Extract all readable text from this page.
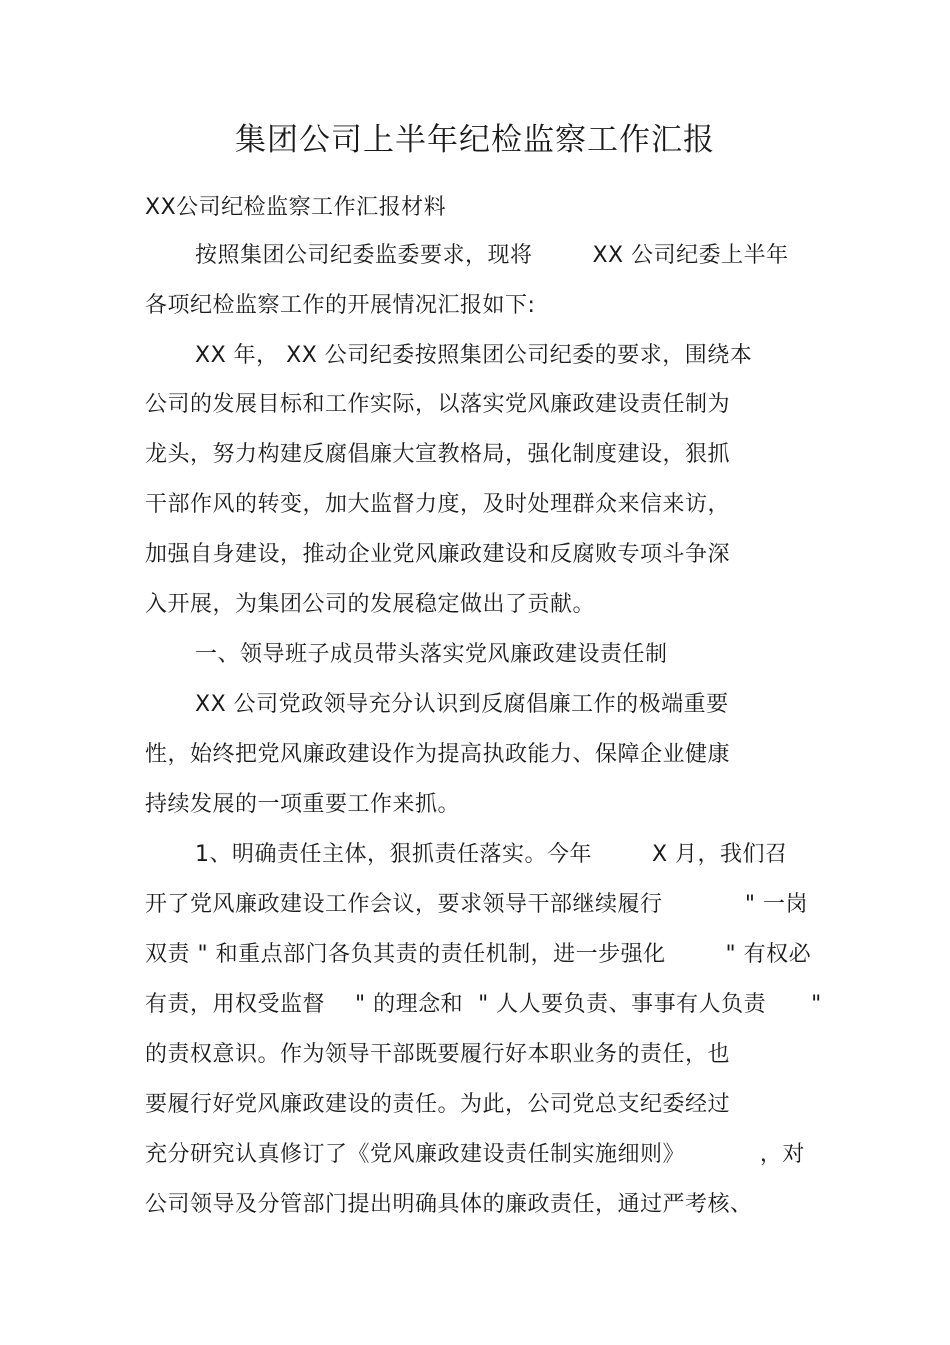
集团公司上半年纪检监察工作汇报
XX公司纪检监察工作汇报材料
按照集团公司纪委监委要求，现将        XX 公司纪委上半年
各项纪检监察工作的开展情况汇报如下:
XX 年， XX 公司纪委按照集团公司纪委的要求，围绕本
公司的发展目标和工作实际，以落实党风廉政建设责任制为
龙头，努力构建反腐倡廉大宣教格局，强化制度建设，狠抓
干部作风的转变，加大监督力度，及时处理群众来信来访，
加强自身建设，推动企业党风廉政建设和反腐败专项斗争深
入开展，为集团公司的发展稳定做出了贡献。
一、领导班子成员带头落实党风廉政建设责任制
XX 公司党政领导充分认识到反腐倡廉工作的极端重要
性，始终把党风廉政建设作为提高执政能力、保障企业健康
持续发展的一项重要工作来抓。
1、明确责任主体，狠抓责任落实。今年        X 月，我们召
开了党风廉政建设工作会议，要求领导干部继续履行           " 一岗
双责 " 和重点部门各负其责的责任机制，进一步强化        " 有权必
有责，用权受监督    " 的理念和  " 人人要负责、事事有人负责      "
的责权意识。作为领导干部既要履行好本职业务的责任，也
要履行好党风廉政建设的责任。为此，公司党总支纪委经过
充分研究认真修订了《党风廉政建设责任制实施细则》          ，对
公司领导及分管部门提出明确具体的廉政责任，通过严考核、
